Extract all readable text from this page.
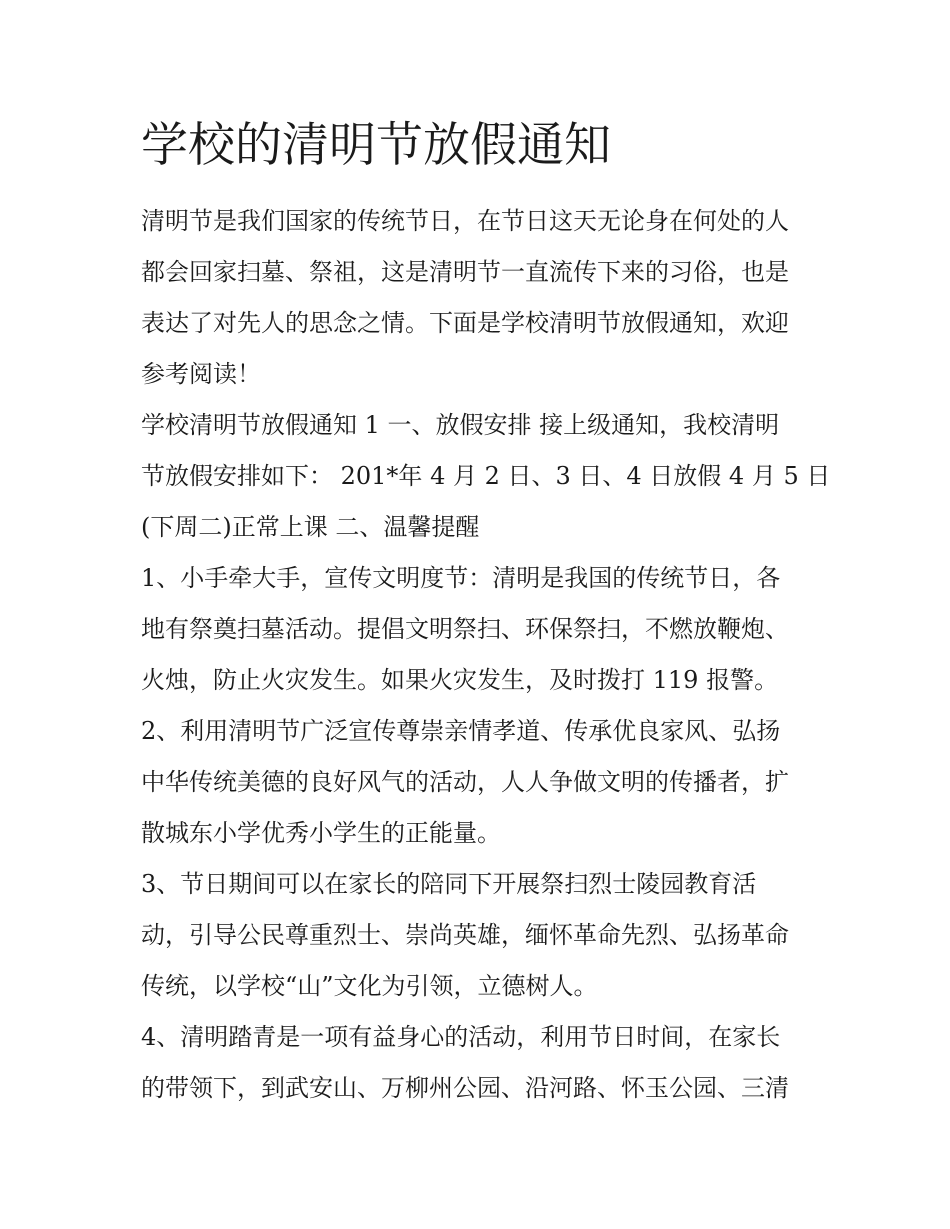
学校的清明节放假通知

清明节是我们国家的传统节日，在节日这天无论身在何处的人

都会回家扫墓、祭祖，这是清明节一直流传下来的习俗，也是

表达了对先人的思念之情。下面是学校清明节放假通知，欢迎

参考阅读！

学校清明节放假通知 1 一、放假安排 接上级通知，我校清明

节放假安排如下： 201*年 4 月 2 日、3 日、4 日放假 4 月 5 日

(下周二)正常上课 二、温馨提醒

1、小手牵大手，宣传文明度节：清明是我国的传统节日，各

地有祭奠扫墓活动。提倡文明祭扫、环保祭扫，不燃放鞭炮、

火烛，防止火灾发生。如果火灾发生，及时拨打 119 报警。

2、利用清明节广泛宣传尊崇亲情孝道、传承优良家风、弘扬

中华传统美德的良好风气的活动，人人争做文明的传播者，扩

散城东小学优秀小学生的正能量。

3、节日期间可以在家长的陪同下开展祭扫烈士陵园教育活

动，引导公民尊重烈士、崇尚英雄，缅怀革命先烈、弘扬革命

传统，以学校“山”文化为引领，立德树人。

4、清明踏青是一项有益身心的活动，利用节日时间，在家长

的带领下，到武安山、万柳州公园、沿河路、怀玉公园、三清
